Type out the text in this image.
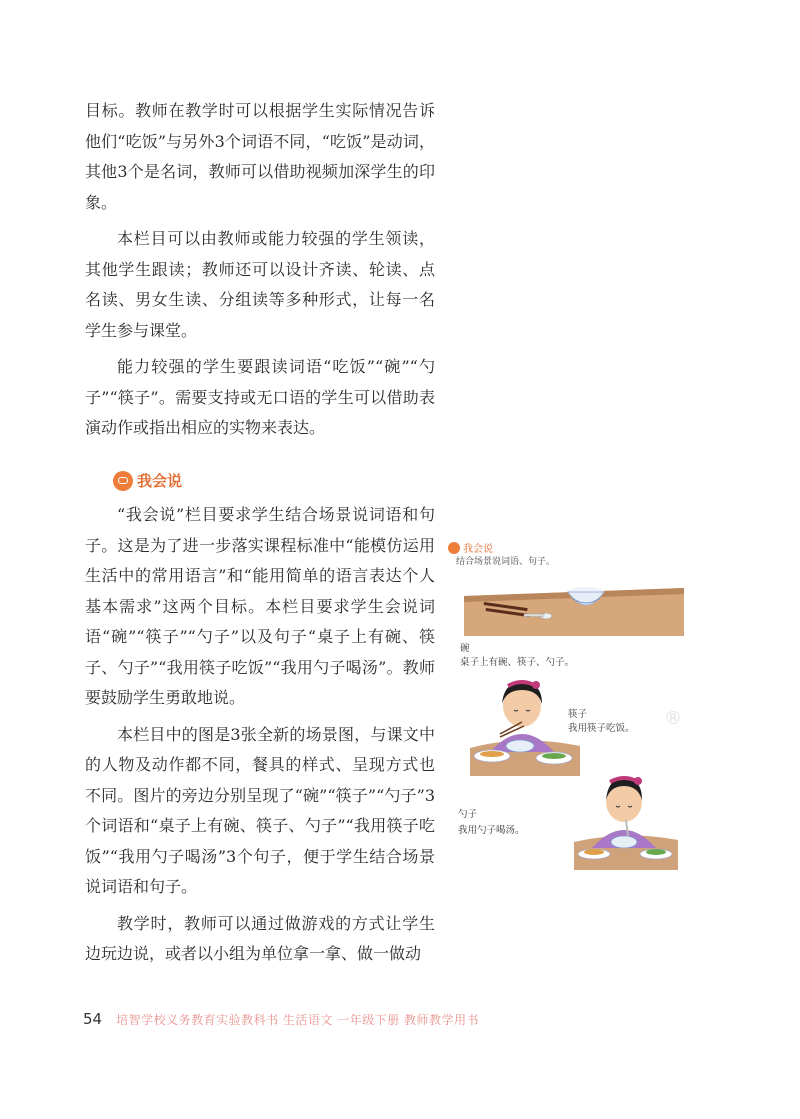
目标。教师在教学时可以根据学生实际情况告诉他们“吃饭”与另外3个词语不同，“吃饭”是动词，其他3个是名词，教师可以借助视频加深学生的印象。

本栏目可以由教师或能力较强的学生领读，其他学生跟读；教师还可以设计齐读、轮读、点名读、男女生读、分组读等多种形式，让每一名学生参与课堂。

能力较强的学生要跟读词语“吃饭”“碗”“勺子”“筷子”。需要支持或无口语的学生可以借助表演动作或指出相应的实物来表达。

我会说

“我会说”栏目要求学生结合场景说词语和句子。这是为了进一步落实课程标准中“能模仿运用生活中的常用语言”和“能用简单的语言表达个人基本需求”这两个目标。本栏目要求学生会说词语“碗”“筷子”“勺子”以及句子“桌子上有碗、筷子、勺子”“我用筷子吃饭”“我用勺子喝汤”。教师要鼓励学生勇敢地说。

本栏目中的图是3张全新的场景图，与课文中的人物及动作都不同，餐具的样式、呈现方式也不同。图片的旁边分别呈现了“碗”“筷子”“勺子”3个词语和“桌子上有碗、筷子、勺子”“我用筷子吃饭”“我用勺子喝汤”3个句子，便于学生结合场景说词语和句子。

教学时，教师可以通过做游戏的方式让学生边玩边说，或者以小组为单位拿一拿、做一做动

我会说
结合场景说词语、句子。
碗
桌子上有碗、筷子、勺子。
筷子
我用筷子吃饭。
勺子
我用勺子喝汤。
®
54 培智学校义务教育实验教科书 生活语文 一年级下册 教师教学用书
